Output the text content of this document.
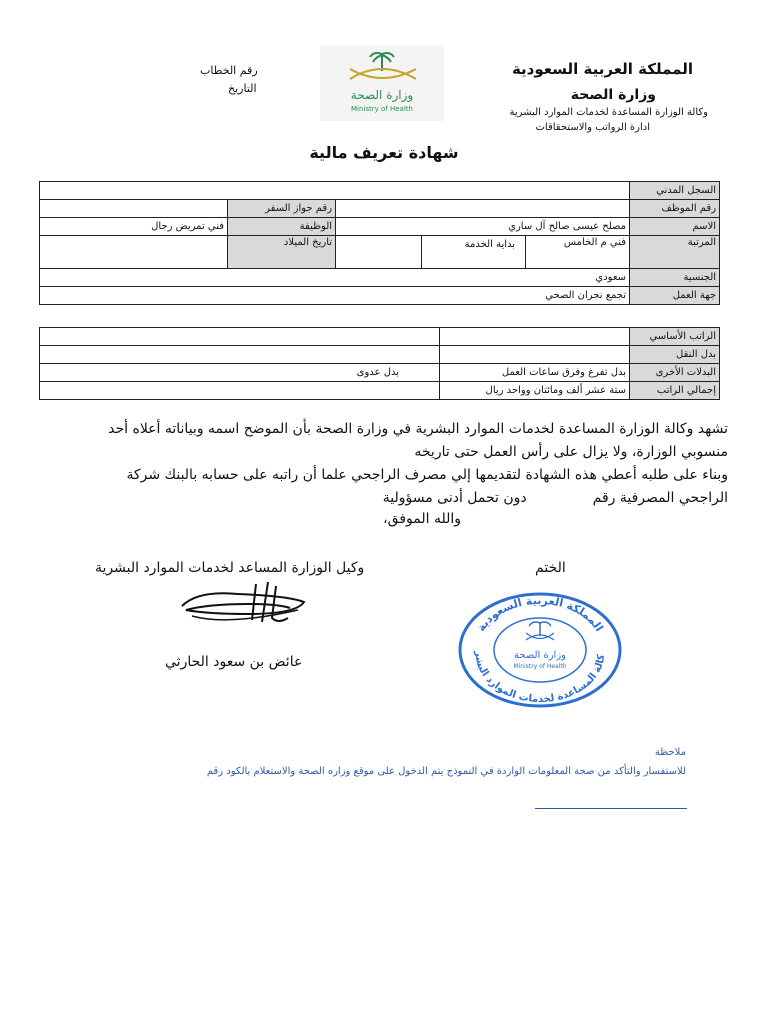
المملكة العربية السعودية
وزارة الصحة
وكالة الوزارة المساعدة لخدمات الموارد البشرية
ادارة الرواتب والاستحقاقات
رقم الخطاب
التاريخ	وزارة الصحة
Ministry of Health
شهادة تعريف مالية
السجل المدني					
رقم الموظف				رقم جواز السفر	
الاسم	مصلح عيسى صالح آل ساري			الوظيفة	فني تمريض رجال
المرتبة	فني م الخامس	بداية الخدمة		تاريخ الميلاد	
الجنسية	سعودي				
جهة العمل	تجمع نجران الصحي				
الراتب الأساسي		
بدل النقل		
البدلات الأخرى	بدل تفرغ وفرق ساعات العمل	بدل عدوى
إجمالي الراتب	ستة عشر ألف ومائتان وواحد ريال	

تشهد وكالة الوزارة المساعدة لخدمات الموارد البشرية في وزارة الصحة بأن الموضح اسمه وبياناته أعلاه أحد

منسوبي الوزارة، ولا يزال على رأس العمل حتى تاريخه

وبناء على طلبه أعطي هذه الشهادة لتقديمها إلي مصرف الراجحي علما أن راتبه على حسابه بالبنك شركة

الراجحي المصرفية رقمدون تحمل أدنى مسؤولية

والله الموفق،
الختم
وكيل الوزارة المساعد لخدمات الموارد البشرية
عائض بن سعود الحارثي
المملكة العربية السعودية
كالة المساعدة لخدمات الموارد البشر	وزارة الصحة
Ministry of Health
ملاحظة
للاستفسار والتأكد من صحة المعلومات الواردة في النموذج يتم الدخول على موقع وزاره الصحة والاستعلام بالكود رقم
